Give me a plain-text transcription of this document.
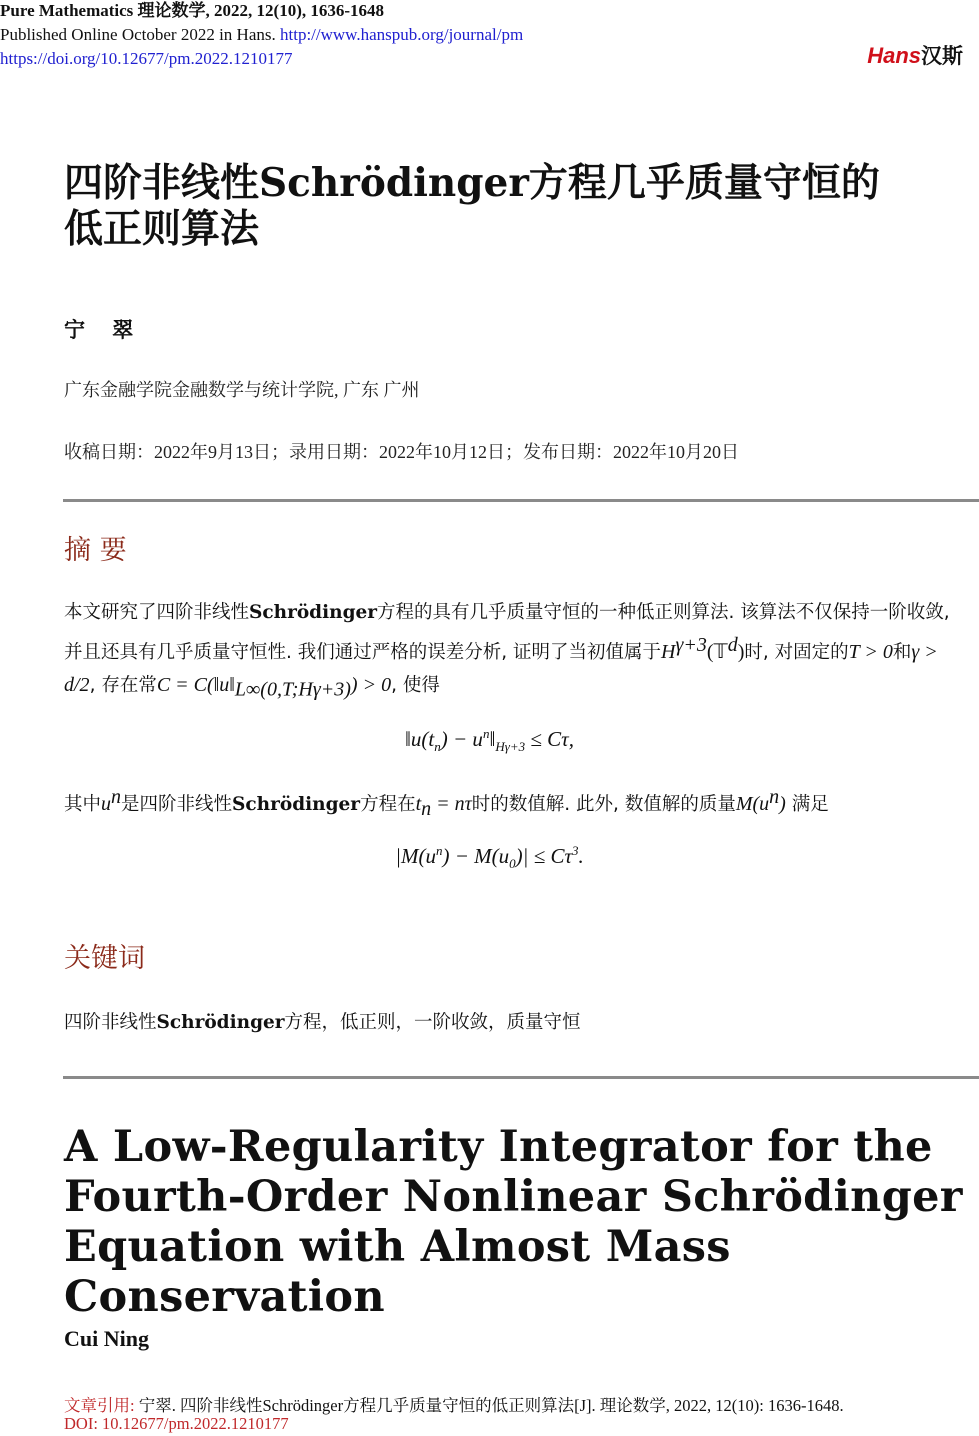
Pure Mathematics 理论数学, 2022, 12(10), 1636-1648
Published Online October 2022 in Hans. http://www.hanspub.org/journal/pm
https://doi.org/10.12677/pm.2022.1210177	Hans汉斯
四阶非线性Schrödinger方程几乎质量守恒的
低正则算法
宁 翠
广东金融学院金融数学与统计学院, 广东 广州
收稿日期：2022年9月13日；录用日期：2022年10月12日；发布日期：2022年10月20日
摘 要
本文研究了四阶非线性Schrödinger方程的具有几乎质量守恒的一种低正则算法. 该算法不仅保持一阶收敛, 并且还具有几乎质量守恒性. 我们通过严格的误差分析, 证明了当初值属于$H^{\gamma+3}(𝕋^d)$时, 对固定的T > 0和γ > d/2, 存在常$C = C(‖u‖_{L\infty(0,T;H\gamma+3)}) > 0$, 使得
$‖u(t_n)$ − $u^n‖_{H\gamma+3} \le C\tau$,
其中$u^n$是四阶非线性Schrödinger方程在$t_n = n\tau$时的数值解. 此外, 数值解的质量$M(u^n)$ 满足
$|M(u^n) - M(u_0)| \le C\tau^3$.
关键词
四阶非线性Schrödinger方程，低正则，一阶收敛，质量守恒
A Low-Regularity Integrator for the
Fourth-Order Nonlinear Schrödinger
Equation with Almost Mass Conservation
Cui Ning
文章引用: 宁翠. 四阶非线性Schrödinger方程几乎质量守恒的低正则算法[J]. 理论数学, 2022, 12(10): 1636-1648.
DOI: 10.12677/pm.2022.1210177
